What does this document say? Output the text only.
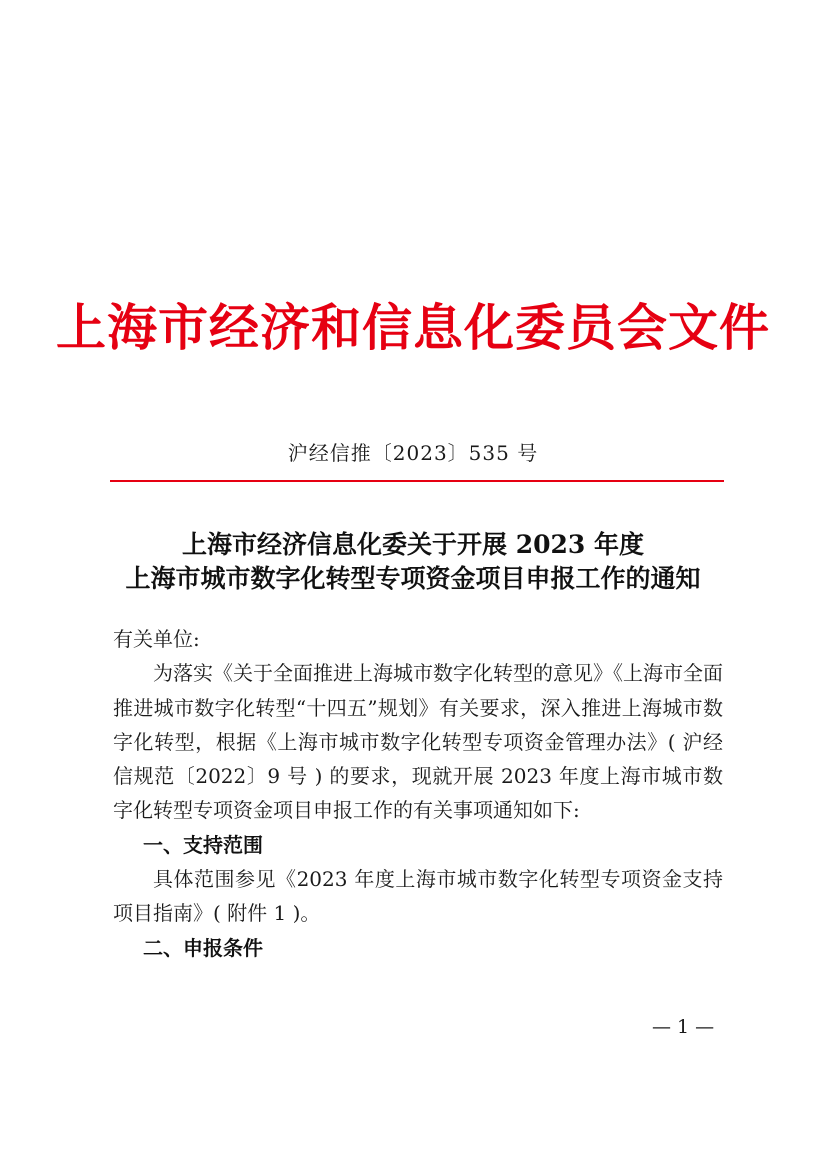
上海市经济和信息化委员会文件
沪经信推〔2023〕535 号
上海市经济信息化委关于开展 2023 年度
上海市城市数字化转型专项资金项目申报工作的通知

有关单位:

为落实《关于全面推进上海城市数字化转型的意见》《上海市全面推进城市数字化转型“十四五”规划》有关要求，深入推进上海城市数字化转型，根据《上海市城市数字化转型专项资金管理办法》( 沪经信规范〔2022〕9 号 ) 的要求，现就开展 2023 年度上海市城市数字化转型专项资金项目申报工作的有关事项通知如下:

一、支持范围

具体范围参见《2023 年度上海市城市数字化转型专项资金支持项目指南》( 附件 1 )。

二、申报条件

— 1 —
